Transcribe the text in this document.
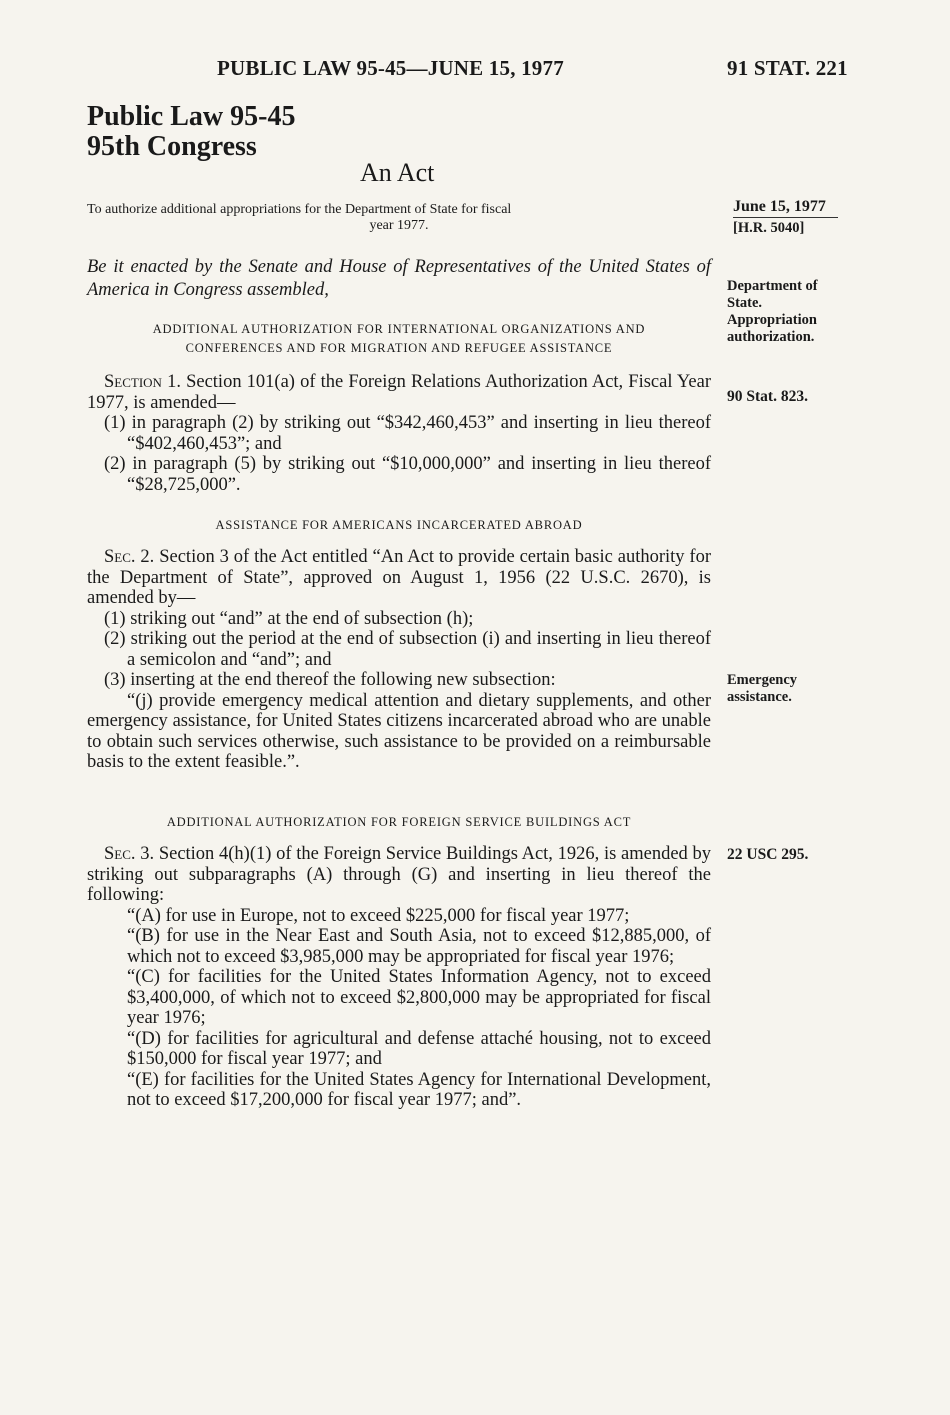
PUBLIC LAW 95-45—JUNE 15, 1977	91 STAT. 221
Public Law 95-45
95th Congress
An Act
To authorize additional appropriations for the Department of State for fiscal
year 1977.
Be it enacted by the Senate and House of Representatives of the United States of America in Congress assembled,
ADDITIONAL AUTHORIZATION FOR INTERNATIONAL ORGANIZATIONS AND
CONFERENCES AND FOR MIGRATION AND REFUGEE ASSISTANCE

Section 1. Section 101(a) of the Foreign Relations Authorization Act, Fiscal Year 1977, is amended—

(1) in paragraph (2) by striking out “$342,460,453” and inserting in lieu thereof “$402,460,453”; and

(2) in paragraph (5) by striking out “$10,000,000” and inserting in lieu thereof “$28,725,000”.

ASSISTANCE FOR AMERICANS INCARCERATED ABROAD

Sec. 2. Section 3 of the Act entitled “An Act to provide certain basic authority for the Department of State”, approved on August 1, 1956 (22 U.S.C. 2670), is amended by—

(1) striking out “and” at the end of subsection (h);

(2) striking out the period at the end of subsection (i) and inserting in lieu thereof a semicolon and “and”; and

(3) inserting at the end thereof the following new subsection:

“(j) provide emergency medical attention and dietary supplements, and other emergency assistance, for United States citizens incarcerated abroad who are unable to obtain such services otherwise, such assistance to be provided on a reimbursable basis to the extent feasible.”.

ADDITIONAL AUTHORIZATION FOR FOREIGN SERVICE BUILDINGS ACT

Sec. 3. Section 4(h)(1) of the Foreign Service Buildings Act, 1926, is amended by striking out subparagraphs (A) through (G) and inserting in lieu thereof the following:

“(A) for use in Europe, not to exceed $225,000 for fiscal year 1977;

“(B) for use in the Near East and South Asia, not to exceed $12,885,000, of which not to exceed $3,985,000 may be appropriated for fiscal year 1976;

“(C) for facilities for the United States Information Agency, not to exceed $3,400,000, of which not to exceed $2,800,000 may be appropriated for fiscal year 1976;

“(D) for facilities for agricultural and defense attaché housing, not to exceed $150,000 for fiscal year 1977; and

“(E) for facilities for the United States Agency for International Development, not to exceed $17,200,000 for fiscal year 1977; and”.

June 15, 1977
[H.R. 5040]
Department of
State.
Appropriation
authorization.
90 Stat. 823.
Emergency
assistance.
22 USC 295.
